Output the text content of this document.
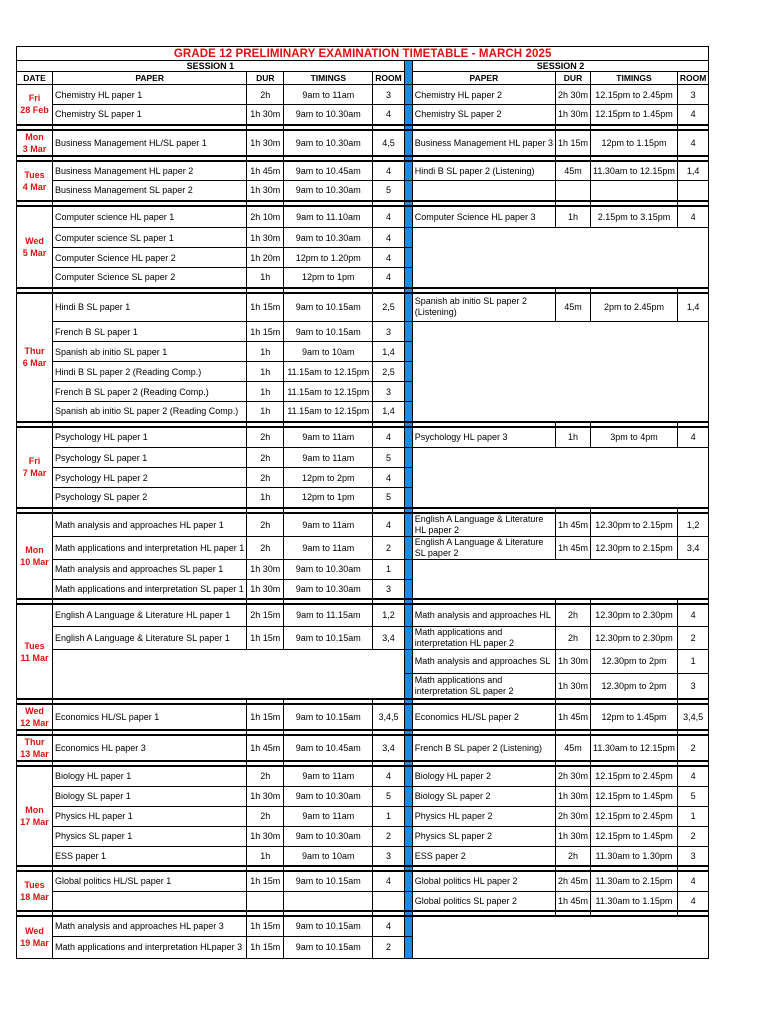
GRADE 12 PRELIMINARY EXAMINATION TIMETABLE - MARCH 2025									
SESSION 1						SESSION 2			
DATE	PAPER	DUR	TIMINGS	ROOM		PAPER	DUR	TIMINGS	ROOM
Fri
28 Feb	Chemistry HL paper 1	2h	9am to 11am	3		Chemistry HL paper 2	2h 30m	12.15pm to 2.45pm	3
	Chemistry SL paper 1	1h 30m	9am to 10.30am	4		Chemistry SL paper 2	1h 30m	12.15pm to 1.45pm	4

Mon
3 Mar	Business Management HL/SL paper 1	1h 30m	9am to 10.30am	4,5		Business Management HL paper 3	1h 15m	12pm to 1.15pm	4

Tues
4 Mar	Business Management HL paper 2	1h 45m	9am to 10.45am	4		Hindi B SL paper 2 (Listening)	45m	11.30am to 12.15pm	1,4
	Business Management SL paper 2	1h 30m	9am to 10.30am	5					

Wed
5 Mar	Computer science HL paper 1	2h 10m	9am to 11.10am	4		Computer Science HL paper 3	1h	2.15pm to 3.15pm	4
	Computer science SL paper 1	1h 30m	9am to 10.30am	4					
	Computer Science HL paper 2	1h 20m	12pm to 1.20pm	4					
	Computer Science SL paper 2	1h	12pm to 1pm	4					

Thur
6 Mar	Hindi B SL paper 1	1h 15m	9am to 10.15am	2,5		Spanish ab initio SL paper 2 (Listening)	45m	2pm to 2.45pm	1,4
	French B SL paper 1	1h 15m	9am to 10.15am	3					
	Spanish ab initio SL paper 1	1h	9am to 10am	1,4					
	Hindi B SL paper 2 (Reading Comp.)	1h	11.15am to 12.15pm	2,5					
	French B SL paper 2 (Reading Comp.)	1h	11.15am to 12.15pm	3					
	Spanish ab initio SL paper 2 (Reading Comp.)	1h	11.15am to 12.15pm	1,4					

Fri
7 Mar	Psychology HL paper 1	2h	9am to 11am	4		Psychology HL paper 3	1h	3pm to 4pm	4
	Psychology SL paper 1	2h	9am to 11am	5					
	Psychology HL paper 2	2h	12pm to 2pm	4					
	Psychology SL paper 2	1h	12pm to 1pm	5					

Mon
10 Mar	Math analysis and approaches HL paper 1	2h	9am to 11am	4		English A Language & Literature HL paper 2	1h 45m	12.30pm to 2.15pm	1,2
	Math applications and interpretation HL paper 1	2h	9am to 11am	2		English A Language & Literature SL paper 2	1h 45m	12.30pm to 2.15pm	3,4
	Math analysis and approaches SL paper 1	1h 30m	9am to 10.30am	1					
	Math applications and interpretation SL paper 1	1h 30m	9am to 10.30am	3					

Tues
11 Mar	English A Language & Literature HL paper 1	2h 15m	9am to 11.15am	1,2		Math analysis and approaches HL	2h	12.30pm to 2.30pm	4
	English A Language & Literature SL paper 1	1h 15m	9am to 10.15am	3,4		Math applications and interpretation HL paper 2	2h	12.30pm to 2.30pm	2
						Math analysis and approaches SL	1h 30m	12.30pm to 2pm	1
						Math applications and interpretation SL paper 2	1h 30m	12.30pm to 2pm	3

Wed
12 Mar	Economics HL/SL paper 1	1h 15m	9am to 10.15am	3,4,5		Economics HL/SL paper 2	1h 45m	12pm to 1.45pm	3,4,5

Thur
13 Mar	Economics HL paper 3	1h 45m	9am to 10.45am	3,4		French B SL paper 2 (Listening)	45m	11.30am to 12.15pm	2

Mon
17 Mar	Biology HL paper 1	2h	9am to 11am	4		Biology HL paper 2	2h 30m	12.15pm to 2.45pm	4
	Biology SL paper 1	1h 30m	9am to 10.30am	5		Biology SL paper 2	1h 30m	12.15pm to 1.45pm	5
	Physics HL paper 1	2h	9am to 11am	1		Physics HL paper 2	2h 30m	12.15pm to 2.45pm	1
	Physics SL paper 1	1h 30m	9am to 10.30am	2		Physics SL paper 2	1h 30m	12.15pm to 1.45pm	2
	ESS paper 1	1h	9am to 10am	3		ESS paper 2	2h	11.30am to 1.30pm	3

Tues
18 Mar	Global politics HL/SL paper 1	1h 15m	9am to 10.15am	4		Global politics HL paper 2	2h 45m	11.30am to 2.15pm	4
						Global politics SL paper 2	1h 45m	11.30am to 1.15pm	4

Wed
19 Mar	Math analysis and approaches HL paper 3	1h 15m	9am to 10.15am	4					
	Math applications and interpretation HLpaper 3	1h 15m	9am to 10.15am	2					
